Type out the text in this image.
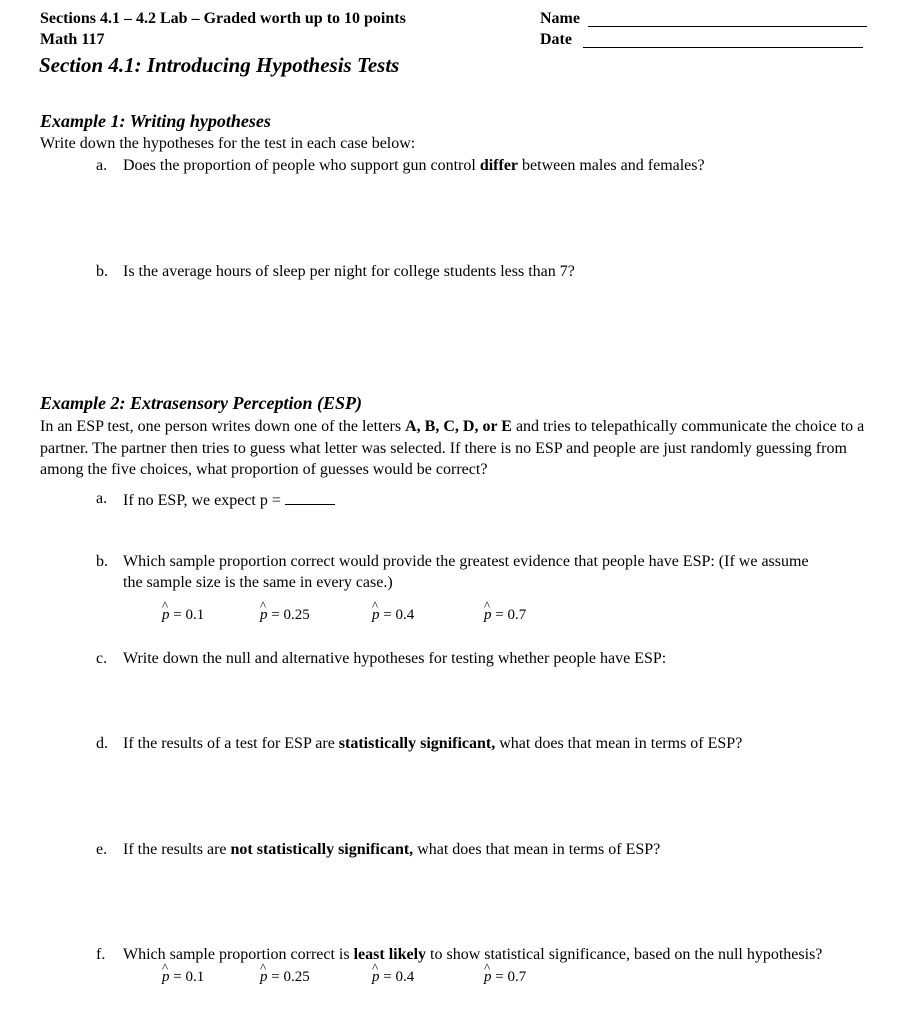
Sections 4.1 – 4.2 Lab – Graded worth up to 10 points
Math 117
Name
Date
Section 4.1: Introducing Hypothesis Tests
Example 1: Writing hypotheses
Write down the hypotheses for the test in each case below:
a. Does the proportion of people who support gun control differ between males and females?
b. Is the average hours of sleep per night for college students less than 7?
Example 2: Extrasensory Perception (ESP)
In an ESP test, one person writes down one of the letters A, B, C, D, or E and tries to telepathically communicate the choice to a partner. The partner then tries to guess what letter was selected. If there is no ESP and people are just randomly guessing from among the five choices, what proportion of guesses would be correct?
a. If no ESP, we expect p =
b. Which sample proportion correct would provide the greatest evidence that people have ESP: (If we assume
the sample size is the same in every case.)
^ p = 0.1	^ p = 0.25	^ p = 0.4	^ p = 0.7
c. Write down the null and alternative hypotheses for testing whether people have ESP:
d. If the results of a test for ESP are statistically significant, what does that mean in terms of ESP?
e. If the results are not statistically significant, what does that mean in terms of ESP?
f.	Which sample proportion correct is least likely to show statistical significance, based on the null hypothesis?
^ p = 0.1	^ p = 0.25	^ p = 0.4	^ p = 0.7
